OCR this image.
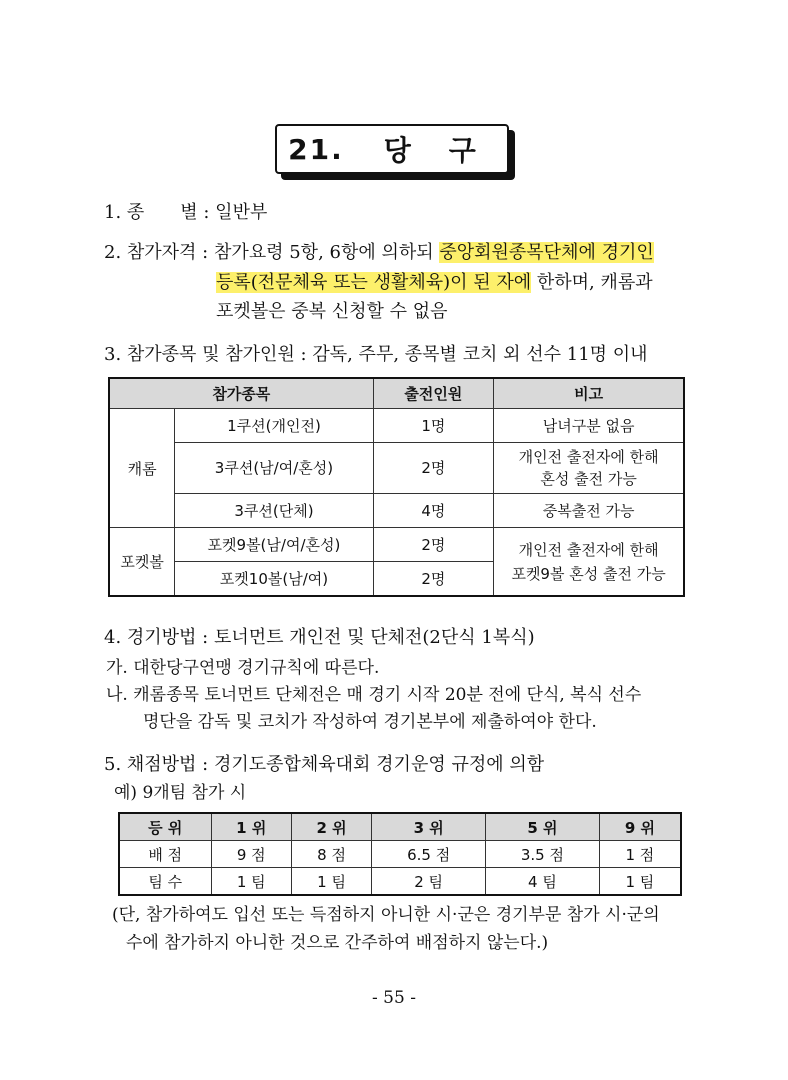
21. 당 구
1. 종　　별 : 일반부
2. 참가자격 : 참가요령 5항, 6항에 의하되 중앙회원종목단체에 경기인
등록(전문체육 또는 생활체육)이 된 자에 한하며, 캐롬과
포켓볼은 중복 신청할 수 없음
3. 참가종목 및 참가인원 : 감독, 주무, 종목별 코치 외 선수 11명 이내
참가종목		출전인원	비고
캐롬	1쿠션(개인전)	1명	남녀구분 없음
	3쿠션(남/여/혼성)	2명	개인전 출전자에 한해
혼성 출전 가능

	3쿠션(단체)	4명	중복출전 가능
포켓볼	포켓9볼(남/여/혼성)	2명	개인전 출전자에 한해
포켓9볼 혼성 출전 가능

	포켓10볼(남/여)	2명	
4. 경기방법 : 토너먼트 개인전 및 단체전(2단식 1복식)
가. 대한당구연맹 경기규칙에 따른다.
나. 캐롬종목 토너먼트 단체전은 매 경기 시작 20분 전에 단식, 복식 선수
명단을 감독 및 코치가 작성하여 경기본부에 제출하여야 한다.
5. 채점방법 : 경기도종합체육대회 경기운영 규정에 의함
예) 9개팀 참가 시
등 위	1 위	2 위	3 위	5 위	9 위
배 점	9 점	8 점	6.5 점	3.5 점	1 점
팀 수	1 팀	1 팀	2 팀	4 팀	1 팀
(단, 참가하여도 입선 또는 득점하지 아니한 시·군은 경기부문 참가 시·군의
수에 참가하지 아니한 것으로 간주하여 배점하지 않는다.)
- 55 -
